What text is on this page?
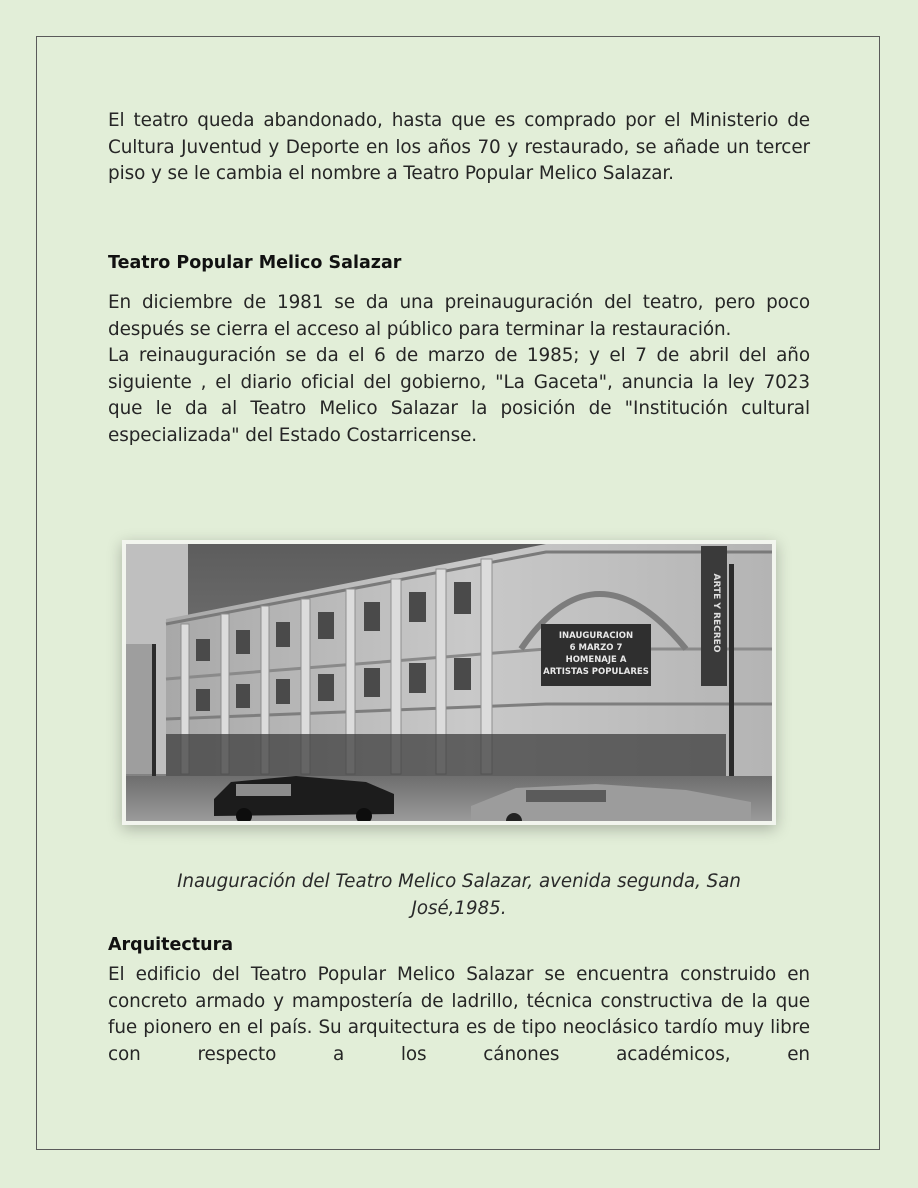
El teatro queda abandonado, hasta que es comprado por el Ministerio de Cultura Juventud y Deporte en los años 70 y restaurado, se añade un tercer piso y se le cambia el nombre a Teatro Popular Melico Salazar.

Teatro Popular Melico Salazar
En diciembre de 1981 se da una preinauguración del teatro, pero poco después se cierra el acceso al público para terminar la restauración.
La reinauguración se da el 6 de marzo de 1985; y el 7 de abril del año siguiente , el diario oficial del gobierno, "La Gaceta", anuncia la ley 7023 que le da al Teatro Melico Salazar la posición de "Institución cultural especializada" del Estado Costarricense.
INAUGURACION
6 MARZO 7
HOMENAJE A
ARTISTAS POPULARES
ARTE Y RECREO

Inauguración del Teatro Melico Salazar, avenida segunda, San
José,1985.

Arquitectura

El edificio del Teatro Popular Melico Salazar se encuentra construido en concreto armado y mampostería de ladrillo, técnica constructiva de la que fue pionero en el país. Su arquitectura es de tipo neoclásico tardío muy libre con respecto a los cánones académicos, en
